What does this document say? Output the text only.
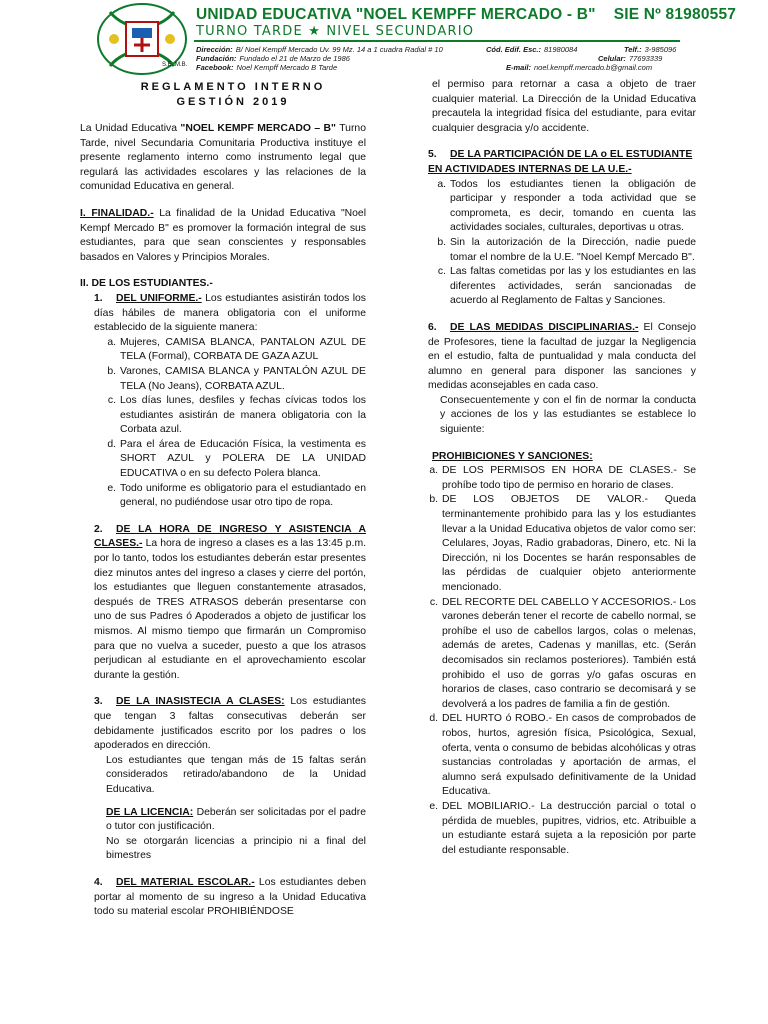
S.E. M.B.
UNIDAD EDUCATIVA "NOEL KEMPFF MERCADO - B" SIE Nº 81980557
TURNO TARDE ★ NIVEL SECUNDARIO
Dirección: B/ Noel Kempff Mercado Uv. 99 Mz. 14 a 1 cuadra Radial # 10
Fundación: Fundado el 21 de Marzo de 1986
Facebook: Noel Kempff Mercado B Tarde
Cód. Edif. Esc.: 81980084	Telf.: 3-985096
Celular: 77693339
E-mail: noel.kempff.mercado.b@gmail.com

REGLAMENTO INTERNO

GESTIÓN 2019

La Unidad Educativa "NOEL KEMPF MERCADO – B" Turno Tarde, nivel Secundaria Comunitaria Productiva instituye el presente reglamento interno como instrumento legal que regulará las actividades escolares y las relaciones de la comunidad Educativa en general.

I. FINALIDAD.- La finalidad de la Unidad Educativa "Noel Kempf Mercado B" es promover la formación integral de sus estudiantes, para que sean conscientes y responsables basados en Valores y Principios Morales.

II. DE LOS ESTUDIANTES.-

1. DEL UNIFORME.- Los estudiantes asistirán todos los días hábiles de manera obligatoria con el uniforme establecido de la siguiente manera:

a. Mujeres, CAMISA BLANCA, PANTALON AZUL DE TELA (Formal), CORBATA DE GAZA AZUL
b. Varones, CAMISA BLANCA y PANTALÓN AZUL DE TELA (No Jeans), CORBATA AZUL.
c. Los días lunes, desfiles y fechas cívicas todos los estudiantes asistirán de manera obligatoria con la Corbata azul.
d. Para el área de Educación Física, la vestimenta es SHORT AZUL y POLERA DE LA UNIDAD EDUCATIVA o en su defecto Polera blanca.
e. Todo uniforme es obligatorio para el estudiantado en general, no pudiéndose usar otro tipo de ropa.

2. DE LA HORA DE INGRESO Y ASISTENCIA A CLASES.- La hora de ingreso a clases es a las 13:45 p.m. por lo tanto, todos los estudiantes deberán estar presentes diez minutos antes del ingreso a clases y cierre del portón, los estudiantes que lleguen constantemente atrasados, después de TRES ATRASOS deberán presentarse con uno de sus Padres ó Apoderados a objeto de justificar los mismos. Al mismo tiempo que firmarán un Compromiso para que no vuelva a suceder, puesto a que los atrasos perjudican al estudiante en el aprovechamiento escolar durante la gestión.

3. DE LA INASISTECIA A CLASES: Los estudiantes que tengan 3 faltas consecutivas deberán ser debidamente justificados escrito por los padres o los apoderados en dirección.

Los estudiantes que tengan más de 15 faltas serán considerados retirado/abandono de la Unidad Educativa.

DE LA LICENCIA: Deberán ser solicitadas por el padre o tutor con justificación.

No se otorgarán licencias a principio ni a final del bimestres

4. DEL MATERIAL ESCOLAR.- Los estudiantes deben portar al momento de su ingreso a la Unidad Educativa todo su material escolar PROHIBIÉNDOSE

el permiso para retornar a casa a objeto de traer cualquier material. La Dirección de la Unidad Educativa precautela la integridad física del estudiante, para evitar cualquier desgracia y/o accidente.

5. DE LA PARTICIPACIÓN DE LA o EL ESTUDIANTE EN ACTIVIDADES INTERNAS DE LA U.E.-

a. Todos los estudiantes tienen la obligación de participar y responder a toda actividad que se comprometa, es decir, tomando en cuenta las actividades sociales, culturales, deportivas u otras.
b. Sin la autorización de la Dirección, nadie puede tomar el nombre de la U.E. "Noel Kempf Mercado B".
c. Las faltas cometidas por las y los estudiantes en las diferentes actividades, serán sancionadas de acuerdo al Reglamento de Faltas y Sanciones.

6. DE LAS MEDIDAS DISCIPLINARIAS.- El Consejo de Profesores, tiene la facultad de juzgar la Negligencia en el estudio, falta de puntualidad y mala conducta del alumno en general para disponer las sanciones y medidas aconsejables en cada caso.

Consecuentemente y con el fin de normar la conducta y acciones de los y las estudiantes se establece lo siguiente:

PROHIBICIONES Y SANCIONES:

a. DE LOS PERMISOS EN HORA DE CLASES.- Se prohíbe todo tipo de permiso en horario de clases.
b. DE LOS OBJETOS DE VALOR.- Queda terminantemente prohibido para las y los estudiantes llevar a la Unidad Educativa objetos de valor como ser: Celulares, Joyas, Radio grabadoras, Dinero, etc. Ni la Dirección, ni los Docentes se harán responsables de las pérdidas de cualquier objeto anteriormente mencionado.
c. DEL RECORTE DEL CABELLO Y ACCESORIOS.- Los varones deberán tener el recorte de cabello normal, se prohíbe el uso de cabellos largos, colas o melenas, además de aretes, Cadenas y manillas, etc. (Serán decomisados sin reclamos posteriores). También está prohibido el uso de gorras y/o gafas oscuras en horarios de clases, caso contrario se decomisará y se devolverá a los padres de familia a fin de gestión.
d. DEL HURTO ó ROBO.- En casos de comprobados de robos, hurtos, agresión física, Psicológica, Sexual, oferta, venta o consumo de bebidas alcohólicas y otras sustancias controladas y aportación de armas, el alumno será expulsado definitivamente de la Unidad Educativa.
e. DEL MOBILIARIO.- La destrucción parcial o total o pérdida de muebles, pupitres, vidrios, etc. Atribuible a un estudiante estará sujeta a la reposición por parte del estudiante responsable.
